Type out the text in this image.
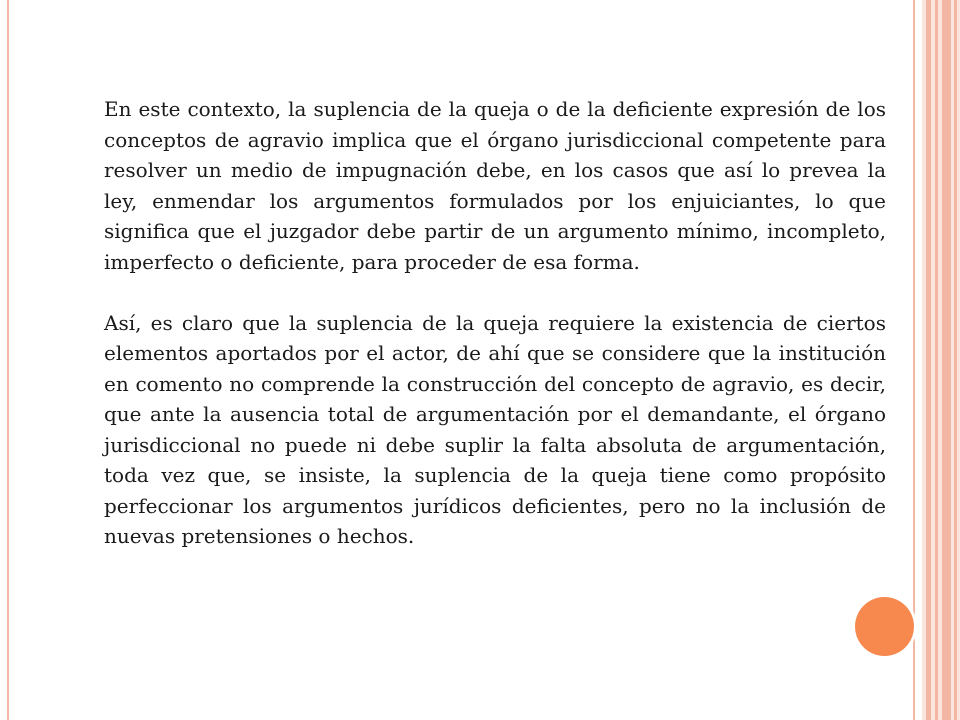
En este contexto, la suplencia de la queja o de la deficiente expresión de los conceptos de agravio implica que el órgano jurisdiccional competente para resolver un medio de impugnación debe, en los casos que así lo prevea la ley, enmendar los argumentos formulados por los enjuiciantes, lo que significa que el juzgador debe partir de un argumento mínimo, incompleto, imperfecto o deficiente, para proceder de esa forma.

Así, es claro que la suplencia de la queja requiere la existencia de ciertos elementos aportados por el actor, de ahí que se considere que la institución en comento no comprende la construcción del concepto de agravio, es decir, que ante la ausencia total de argumentación por el demandante, el órgano jurisdiccional no puede ni debe suplir la falta absoluta de argumentación, toda vez que, se insiste, la suplencia de la queja tiene como propósito perfeccionar los argumentos jurídicos deficientes, pero no la inclusión de nuevas pretensiones o hechos.
